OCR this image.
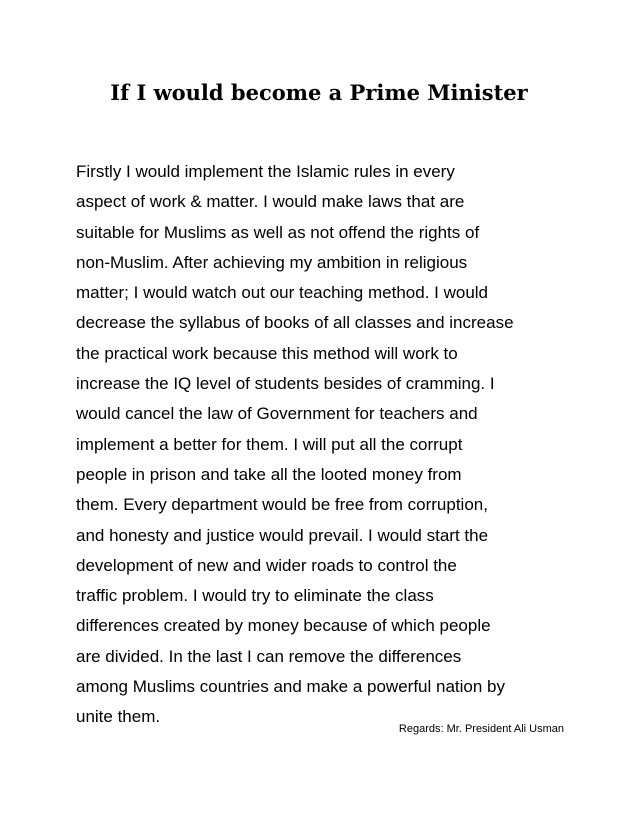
If I would become a Prime Minister
Firstly I would implement the Islamic rules in every
aspect of work & matter. I would make laws that are
suitable for Muslims as well as not offend the rights of
non-Muslim. After achieving my ambition in religious
matter; I would watch out our teaching method. I would
decrease the syllabus of books of all classes and increase
the practical work because this method will work to
increase the IQ level of students besides of cramming. I
would cancel the law of Government for teachers and
implement a better for them. I will put all the corrupt
people in prison and take all the looted money from
them. Every department would be free from corruption,
and honesty and justice would prevail. I would start the
development of new and wider roads to control the
traffic problem. I would try to eliminate the class
differences created by money because of which people
are divided. In the last I can remove the differences
among Muslims countries and make a powerful nation by
unite them.
Regards: Mr. President Ali Usman
